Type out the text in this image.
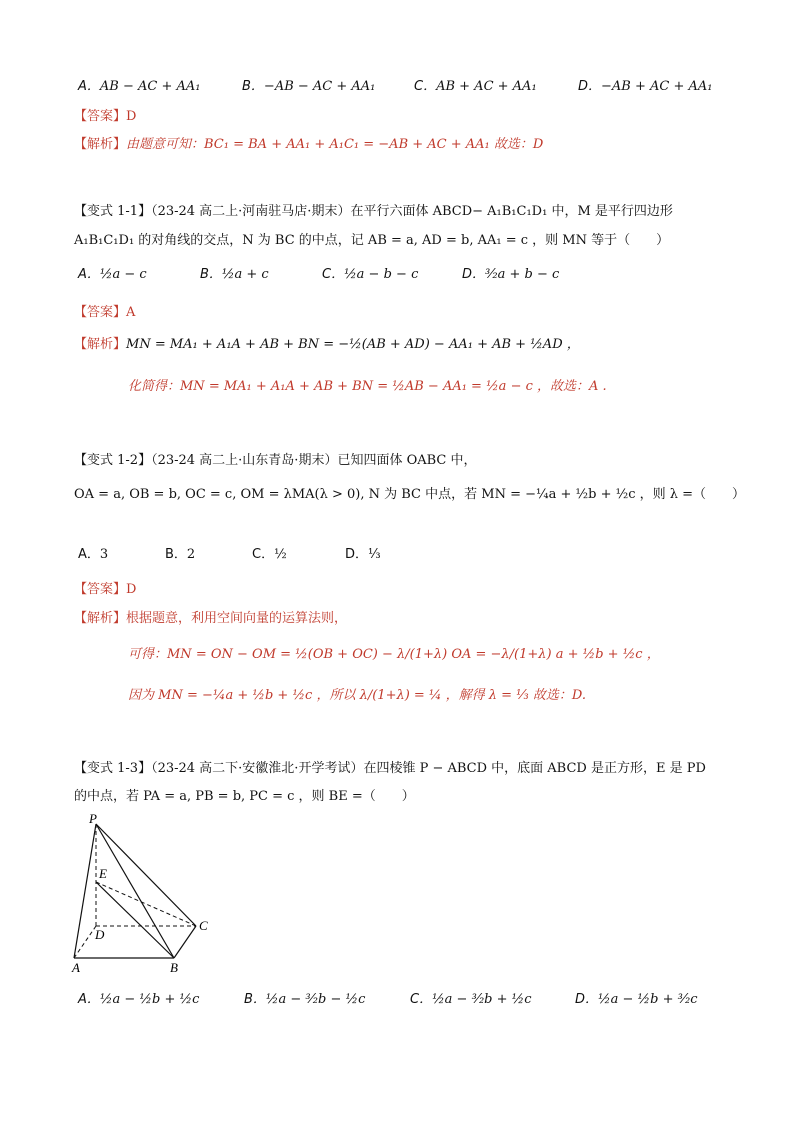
A．AB − AC + AA₁	B．−AB − AC + AA₁	C．AB + AC + AA₁	D．−AB + AC + AA₁
【答案】D
【解析】由题意可知：BC₁ = BA + AA₁ + A₁C₁ = −AB + AC + AA₁ 故选：D
【变式 1-1】（23-24 高二上·河南驻马店·期末）在平行六面体 ABCD− A₁B₁C₁D₁ 中，M 是平行四边形
A₁B₁C₁D₁ 的对角线的交点，N 为 BC 的中点，记 AB = a, AD = b, AA₁ = c ，则 MN 等于（　　）
A．½a − c	B．½a + c	C．½a − b − c	D．³⁄₂a + b − c
【答案】A
【解析】MN = MA₁ + A₁A + AB + BN = −½(AB + AD) − AA₁ + AB + ½AD ，
化简得：MN = MA₁ + A₁A + AB + BN = ½AB − AA₁ = ½a − c ，故选：A .
【变式 1-2】（23-24 高二上·山东青岛·期末）已知四面体 OABC 中，
OA = a, OB = b, OC = c, OM = λMA(λ > 0), N 为 BC 中点，若 MN = −¼a + ½b + ½c ，则 λ =（　　）
A．3	B．2	C．½	D．⅓
【答案】D
【解析】根据题意，利用空间向量的运算法则，
可得：MN = ON − OM = ½(OB + OC) − λ/(1+λ) OA = −λ/(1+λ) a + ½b + ½c ，
因为 MN = −¼a + ½b + ½c ，所以 λ/(1+λ) = ¼ ，解得 λ = ⅓ 故选：D.
【变式 1-3】（23-24 高二下·安徽淮北·开学考试）在四棱锥 P − ABCD 中，底面 ABCD 是正方形，E 是 PD
的中点，若 PA = a, PB = b, PC = c ，则 BE =（　　）
P
E
D
C
A	B
A．½a − ½b + ½c	B．½a − ³⁄₂b − ½c	C．½a − ³⁄₂b + ½c	D．½a − ½b + ³⁄₂c
